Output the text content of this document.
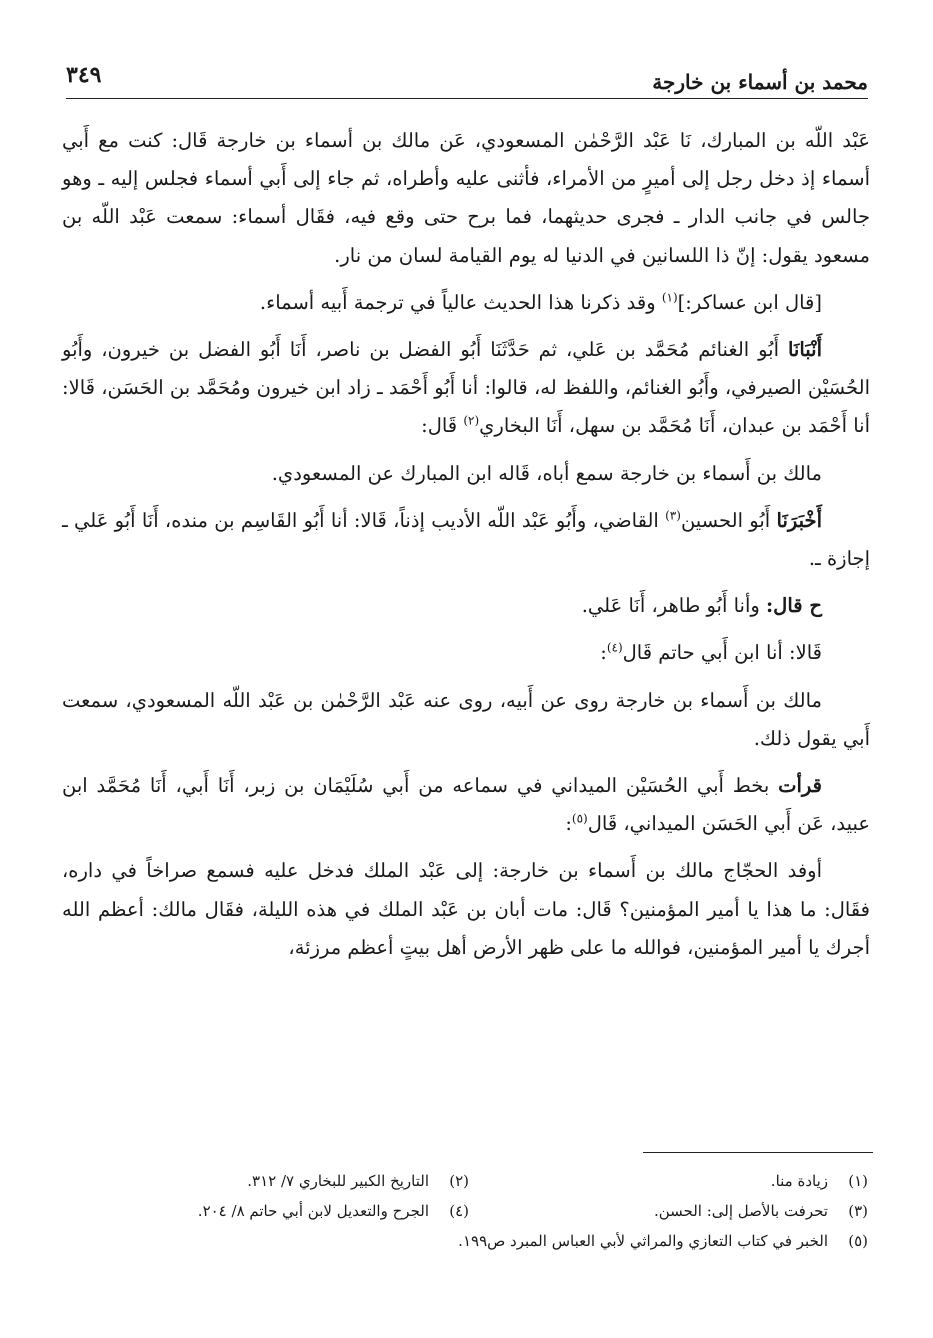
محمد بن أسماء بن خارجة
٣٤٩

عَبْد اللّه بن المبارك، نَا عَبْد الرَّحْمٰن المسعودي، عَن مالك بن أسماء بن خارجة قَال: كنت مع أَبي أسماء إذ دخل رجل إلى أميرٍ من الأمراء، فأثنى عليه وأطراه، ثم جاء إلى أَبي أسماء فجلس إليه ـ وهو جالس في جانب الدار ـ فجرى حديثهما، فما برح حتى وقع فيه، فقَال أسماء: سمعت عَبْد اللّه بن مسعود يقول: إنّ ذا اللسانين في الدنيا له يوم القيامة لسان من نار.

[قال ابن عساكر:]$^{(١)}$ وقد ذكرنا هذا الحديث عالياً في ترجمة أَبيه أسماء.

أَنْبَانَا أَبُو الغنائم مُحَمَّد بن عَلي، ثم حَدَّثَنَا أَبُو الفضل بن ناصر، أَنَا أَبُو الفضل بن خيرون، وأَبُو الحُسَيْن الصيرفي، وأَبُو الغنائم، واللفظ له، قالوا: أنا أَبُو أَحْمَد ـ زاد ابن خيرون ومُحَمَّد بن الحَسَن، قَالا: أنا أَحْمَد بن عبدان، أَنَا مُحَمَّد بن سهل، أَنَا البخاري$^{(٢)}$ قَال:

مالك بن أَسماء بن خارجة سمع أباه، قَاله ابن المبارك عن المسعودي.

أَخْبَرَنَا أَبُو الحسين$^{(٣)}$ القاضي، وأَبُو عَبْد اللّه الأديب إذناً، قَالا: أنا أَبُو القَاسِم بن منده، أَنَا أَبُو عَلي ـ إجازة ـ.

ح قال: وأنا أَبُو طاهر، أَنَا عَلي.

قَالا: أنا ابن أَبي حاتم قَال$^{(٤)}$:

مالك بن أَسماء بن خارجة روى عن أَبيه، روى عنه عَبْد الرَّحْمٰن بن عَبْد اللّه المسعودي، سمعت أَبي يقول ذلك.

قرأت بخط أَبي الحُسَيْن الميداني في سماعه من أَبي سُلَيْمَان بن زبر، أَنَا أَبي، أَنَا مُحَمَّد ابن عبيد، عَن أَبي الحَسَن الميداني، قَال$^{(٥)}$:

أوفد الحجّاج مالك بن أَسماء بن خارجة: إلى عَبْد الملك فدخل عليه فسمع صراخاً في داره، فقَال: ما هذا يا أمير المؤمنين؟ قَال: مات أبان بن عَبْد الملك في هذه الليلة، فقَال مالك: أعظم الله أجرك يا أمير المؤمنين، فوالله ما على ظهر الأرض أهل بيتٍ أعظم مرزئة،

(١)زيادة منا.
(٢)التاريخ الكبير للبخاري ٧/ ٣١٢.
(٣)تحرفت بالأصل إلى: الحسن.
(٤)الجرح والتعديل لابن أبي حاتم ٨/ ٢٠٤.
(٥)الخبر في كتاب التعازي والمراثي لأبي العباس المبرد ص١٩٩.
